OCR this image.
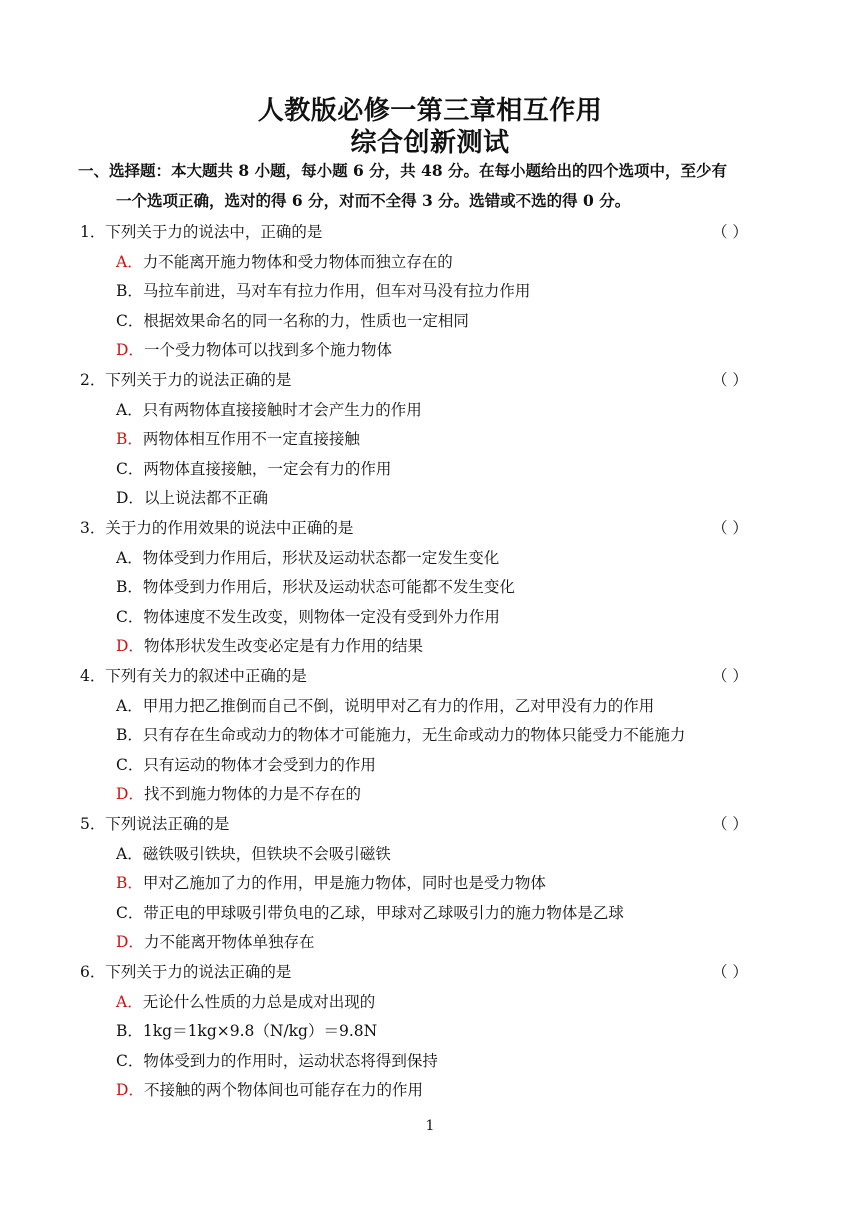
人教版必修一第三章相互作用
综合创新测试
一、选择题：本大题共 8 小题，每小题 6 分，共 48 分。在每小题给出的四个选项中，至少有
一个选项正确，选对的得 6 分，对而不全得 3 分。选错或不选的得 0 分。
1．下列关于力的说法中，正确的是	（ ）
A．力不能离开施力物体和受力物体而独立存在的
B．马拉车前进，马对车有拉力作用，但车对马没有拉力作用
C．根据效果命名的同一名称的力，性质也一定相同
D．一个受力物体可以找到多个施力物体
2．下列关于力的说法正确的是	（ ）
A．只有两物体直接接触时才会产生力的作用
B．两物体相互作用不一定直接接触
C．两物体直接接触，一定会有力的作用
D．以上说法都不正确
3．关于力的作用效果的说法中正确的是	（ ）
A．物体受到力作用后，形状及运动状态都一定发生变化
B．物体受到力作用后，形状及运动状态可能都不发生变化
C．物体速度不发生改变，则物体一定没有受到外力作用
D．物体形状发生改变必定是有力作用的结果
4．下列有关力的叙述中正确的是	（ ）
A．甲用力把乙推倒而自己不倒，说明甲对乙有力的作用，乙对甲没有力的作用
B．只有存在生命或动力的物体才可能施力，无生命或动力的物体只能受力不能施力
C．只有运动的物体才会受到力的作用
D．找不到施力物体的力是不存在的
5．下列说法正确的是	（ ）
A．磁铁吸引铁块，但铁块不会吸引磁铁
B．甲对乙施加了力的作用，甲是施力物体，同时也是受力物体
C．带正电的甲球吸引带负电的乙球，甲球对乙球吸引力的施力物体是乙球
D．力不能离开物体单独存在
6．下列关于力的说法正确的是	（ ）
A．无论什么性质的力总是成对出现的
B．1kg＝1kg×9.8（N/kg）＝9.8N
C．物体受到力的作用时，运动状态将得到保持
D．不接触的两个物体间也可能存在力的作用
1
